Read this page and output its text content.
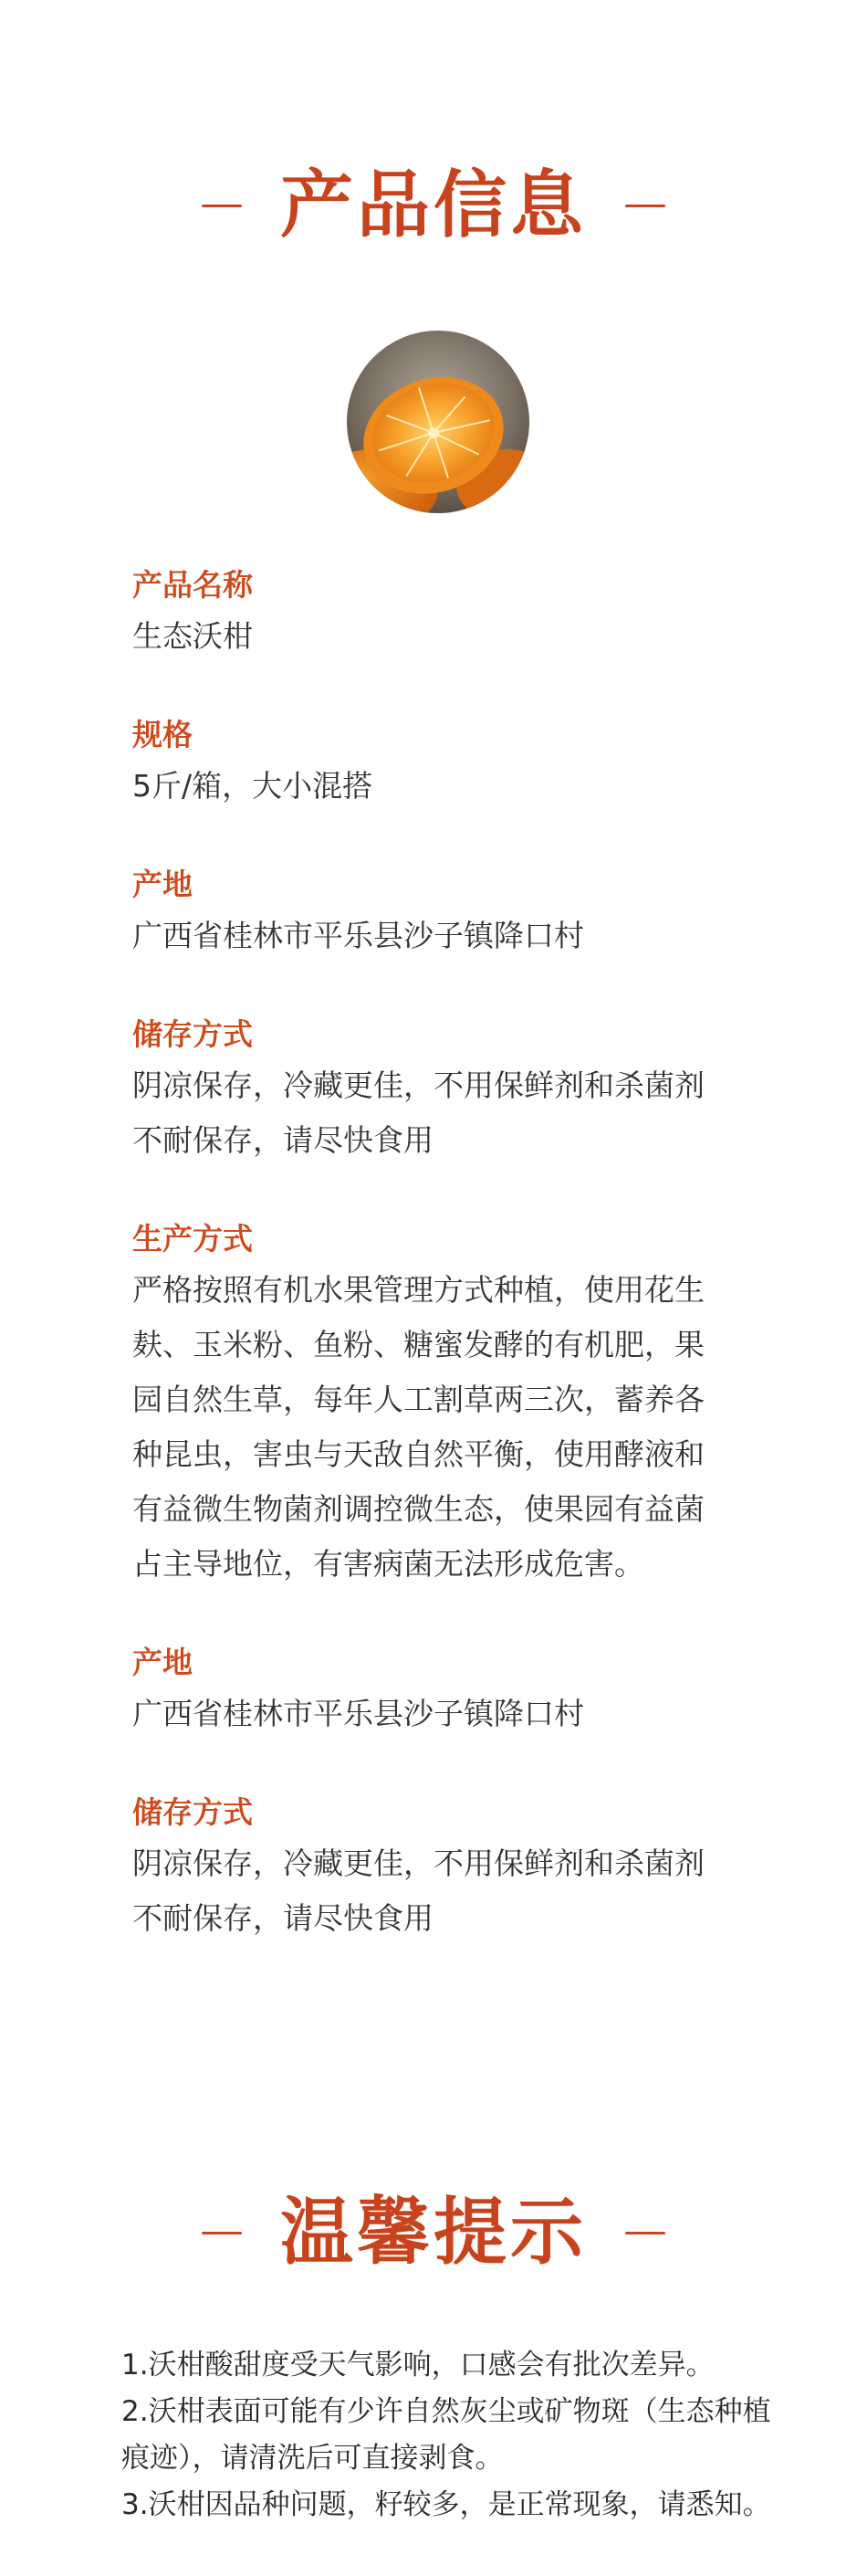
产品信息
产品名称
生态沃柑
规格
5斤/箱，大小混搭
产地
广西省桂林市平乐县沙子镇降口村
储存方式
阴凉保存，冷藏更佳，不用保鲜剂和杀菌剂
不耐保存，请尽快食用
生产方式
严格按照有机水果管理方式种植，使用花生
麸、玉米粉、鱼粉、糖蜜发酵的有机肥，果
园自然生草，每年人工割草两三次，蓄养各
种昆虫，害虫与天敌自然平衡，使用酵液和
有益微生物菌剂调控微生态，使果园有益菌
占主导地位，有害病菌无法形成危害。
产地
广西省桂林市平乐县沙子镇降口村
储存方式
阴凉保存，冷藏更佳，不用保鲜剂和杀菌剂
不耐保存，请尽快食用
温馨提示
1.沃柑酸甜度受天气影响，口感会有批次差异。
2.沃柑表面可能有少许自然灰尘或矿物斑（生态种植
痕迹），请清洗后可直接剥食。
3.沃柑因品种问题，籽较多，是正常现象，请悉知。
